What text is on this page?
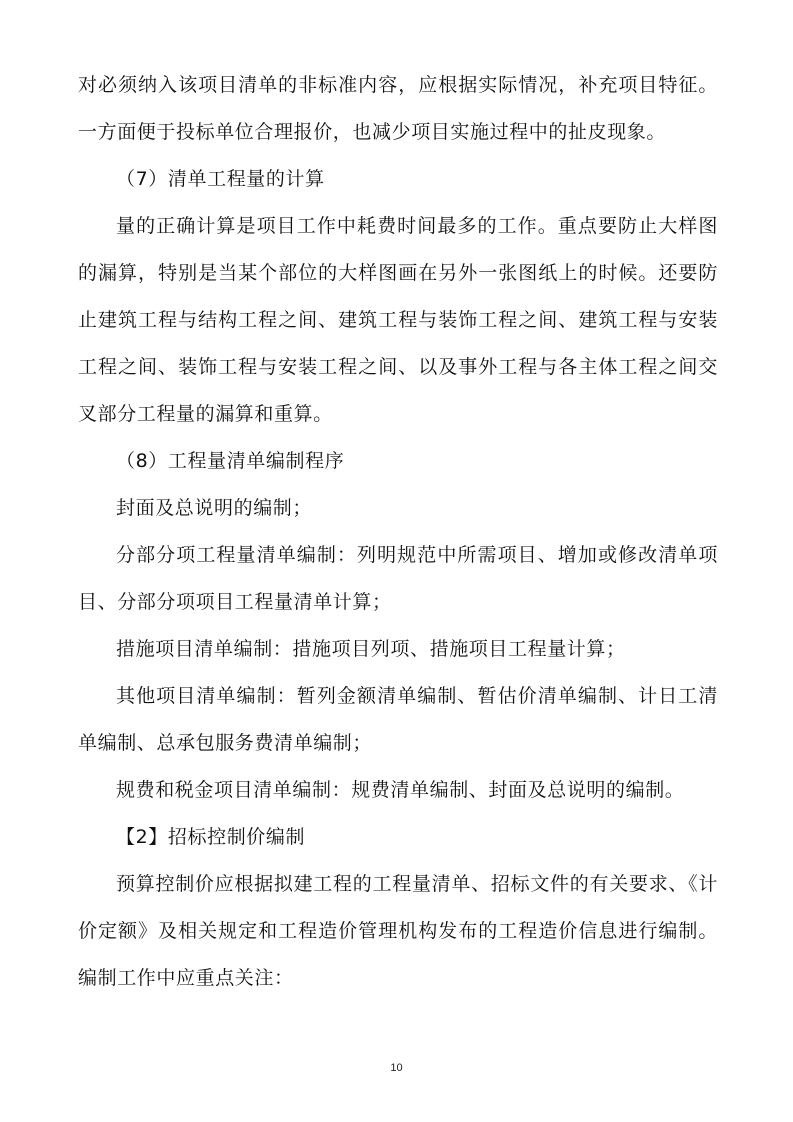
对必须纳入该项目清单的非标准内容，应根据实际情况，补充项目特征。一方面便于投标单位合理报价，也减少项目实施过程中的扯皮现象。

（7）清单工程量的计算

量的正确计算是项目工作中耗费时间最多的工作。重点要防止大样图的漏算，特别是当某个部位的大样图画在另外一张图纸上的时候。还要防止建筑工程与结构工程之间、建筑工程与装饰工程之间、建筑工程与安装工程之间、装饰工程与安装工程之间、以及事外工程与各主体工程之间交叉部分工程量的漏算和重算。

（8）工程量清单编制程序

封面及总说明的编制；

分部分项工程量清单编制：列明规范中所需项目、增加或修改清单项目、分部分项项目工程量清单计算；

措施项目清单编制：措施项目列项、措施项目工程量计算；

其他项目清单编制：暂列金额清单编制、暂估价清单编制、计日工清单编制、总承包服务费清单编制；

规费和税金项目清单编制：规费清单编制、封面及总说明的编制。

【2】招标控制价编制

预算控制价应根据拟建工程的工程量清单、招标文件的有关要求、《计价定额》及相关规定和工程造价管理机构发布的工程造价信息进行编制。编制工作中应重点关注：

10
